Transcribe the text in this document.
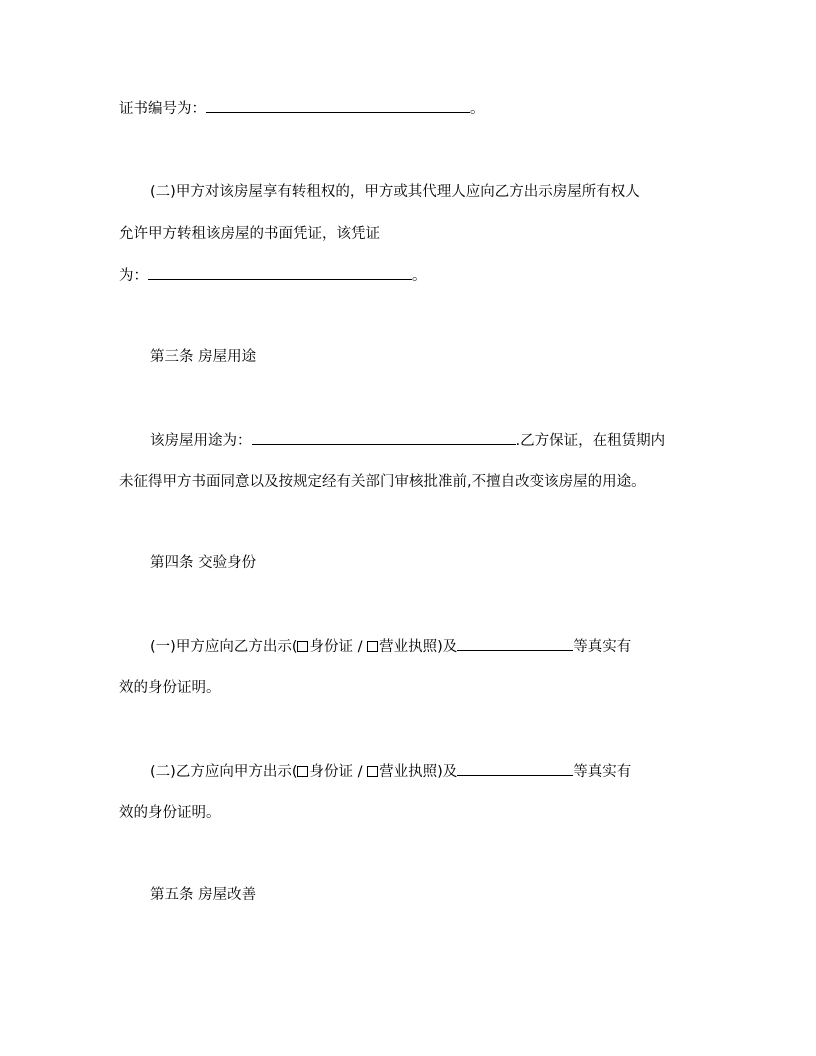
证书编号为：	。
(二)甲方对该房屋享有转租权的，甲方或其代理人应向乙方出示房屋所有权人
允许甲方转租该房屋的书面凭证，该凭证
为：	。
第三条 房屋用途
该房屋用途为：	.乙方保证，在租赁期内
未征得甲方书面同意以及按规定经有关部门审核批准前,不擅自改变该房屋的用途。
第四条 交验身份
(一)甲方应向乙方出示( 身份证 / 营业执照)及	等真实有
效的身份证明。
(二)乙方应向甲方出示( 身份证 / 营业执照)及	等真实有
效的身份证明。
第五条 房屋改善
